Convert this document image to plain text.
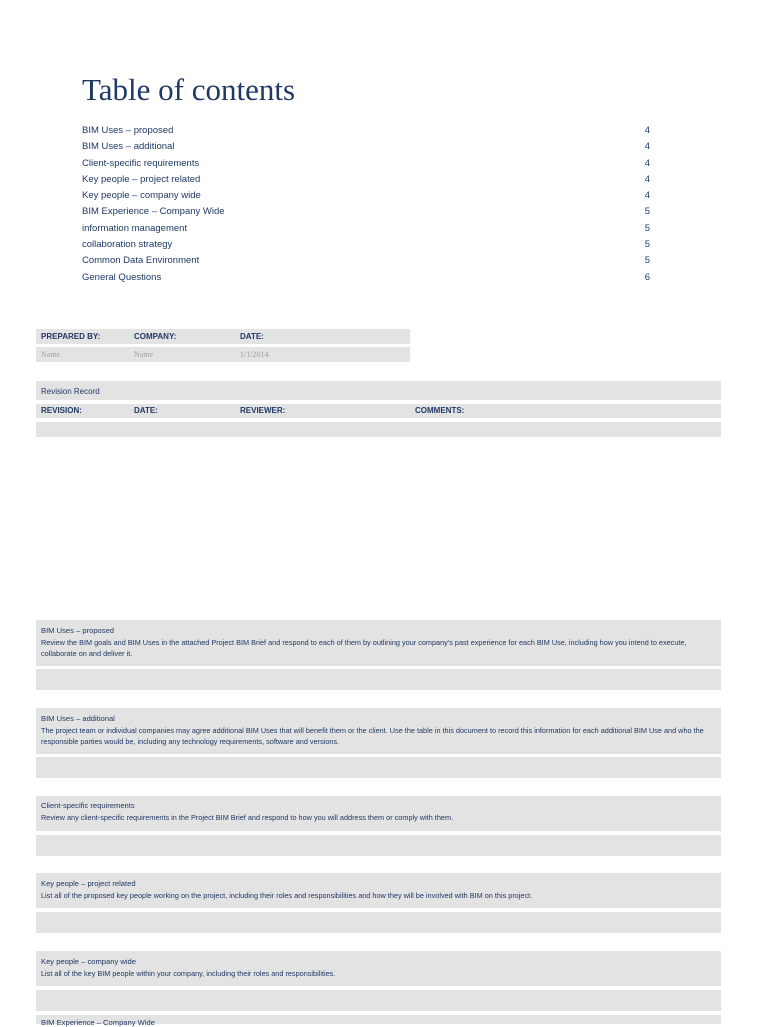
Table of contents
BIM Uses – proposed	4
BIM Uses – additional	4
Client-specific requirements	4
Key people – project related	4
Key people – company wide	4
BIM Experience – Company Wide	5
information management	5
collaboration strategy	5
Common Data Environment	5
General Questions	6
PREPARED BY:	COMPANY:	DATE:
Name	Name	1/1/2014
Revision Record
REVISION:	DATE:	REVIEWER:	COMMENTS:
BIM Uses – proposed
Review the BIM goals and BIM Uses in the attached Project BIM Brief and respond to each of them by outlining your company's past experience for each BIM Use, including how you intend to execute, collaborate on and deliver it.
BIM Uses – additional
The project team or individual companies may agree additional BIM Uses that will benefit them or the client. Use the table in this document to record this information for each additional BIM Use and who the responsible parties would be, including any technology requirements, software and versions.
Client-specific requirements
Review any client-specific requirements in the Project BIM Brief and respond to how you will address them or comply with them.
Key people – project related
List all of the proposed key people working on the project, including their roles and responsibilities and how they will be involved with BIM on this project.
Key people – company wide
List all of the key BIM people within your company, including their roles and responsibilities.
BIM Experience – Company Wide
